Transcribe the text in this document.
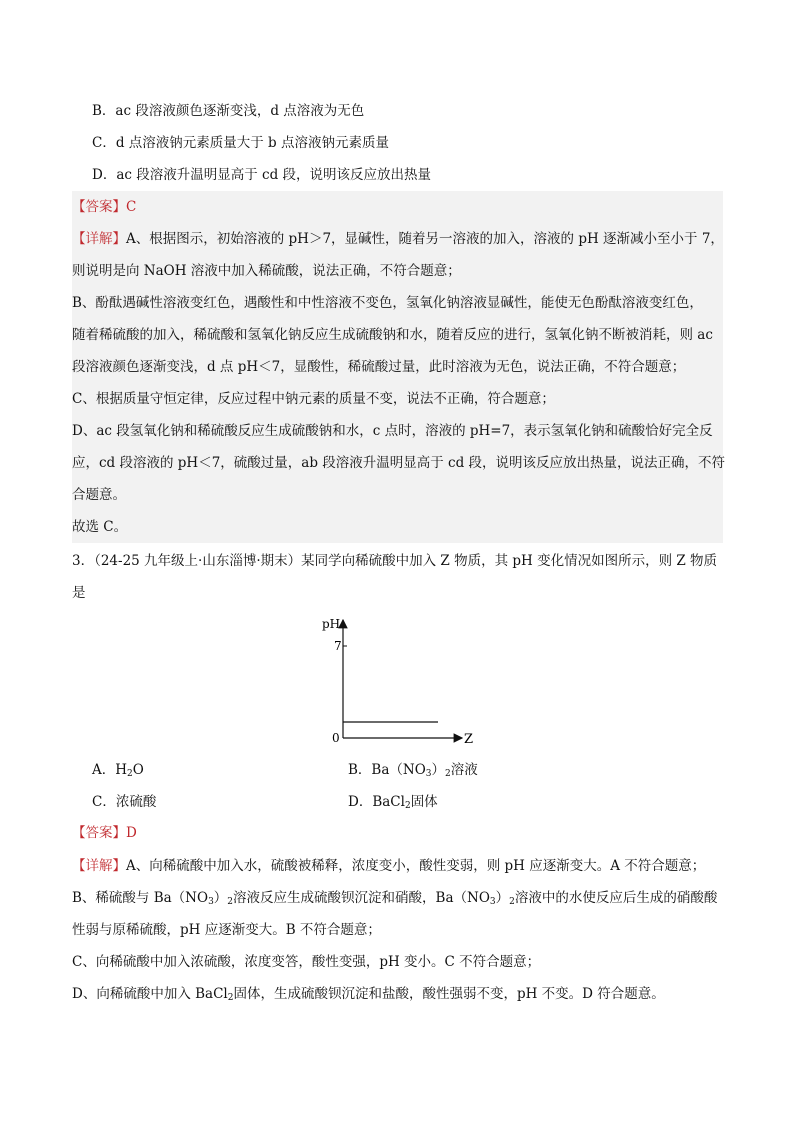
B．ac 段溶液颜色逐渐变浅，d 点溶液为无色
C．d 点溶液钠元素质量大于 b 点溶液钠元素质量
D．ac 段溶液升温明显高于 cd 段，说明该反应放出热量
【答案】C
【详解】A、根据图示，初始溶液的 pH＞7，显碱性，随着另一溶液的加入，溶液的 pH 逐渐减小至小于 7，
则说明是向 NaOH 溶液中加入稀硫酸，说法正确，不符合题意；
B、酚酞遇碱性溶液变红色，遇酸性和中性溶液不变色，氢氧化钠溶液显碱性，能使无色酚酞溶液变红色，
随着稀硫酸的加入，稀硫酸和氢氧化钠反应生成硫酸钠和水，随着反应的进行，氢氧化钠不断被消耗，则 ac
段溶液颜色逐渐变浅，d 点 pH＜7，显酸性，稀硫酸过量，此时溶液为无色，说法正确，不符合题意；
C、根据质量守恒定律，反应过程中钠元素的质量不变，说法不正确，符合题意；
D、ac 段氢氧化钠和稀硫酸反应生成硫酸钠和水，c 点时，溶液的 pH=7，表示氢氧化钠和硫酸恰好完全反
应，cd 段溶液的 pH＜7，硫酸过量，ab 段溶液升温明显高于 cd 段，说明该反应放出热量，说法正确，不符
合题意。
故选 C。
3．（24-25 九年级上·山东淄博·期末）某同学向稀硫酸中加入 Z 物质，其 pH 变化情况如图所示，则 Z 物质
是
pH
7
0	Z
A．$H_2O$	B．$Ba(NO_3)_2$溶液
C．浓硫酸	D．BaCl$_2$固体
【答案】D
【详解】A、向稀硫酸中加入水，硫酸被稀释，浓度变小，酸性变弱，则 pH 应逐渐变大。A 不符合题意；
B、稀硫酸与 $Ba(NO_3)_2$溶液反应生成硫酸钡沉淀和硝酸，$Ba(NO_3)_2$溶液中的水使反应后生成的硝酸酸
性弱与原稀硫酸，pH 应逐渐变大。B 不符合题意；
C、向稀硫酸中加入浓硫酸，浓度变答，酸性变强，pH 变小。C 不符合题意；
D、向稀硫酸中加入 BaCl$_2$固体，生成硫酸钡沉淀和盐酸，酸性强弱不变，pH 不变。D 符合题意。
